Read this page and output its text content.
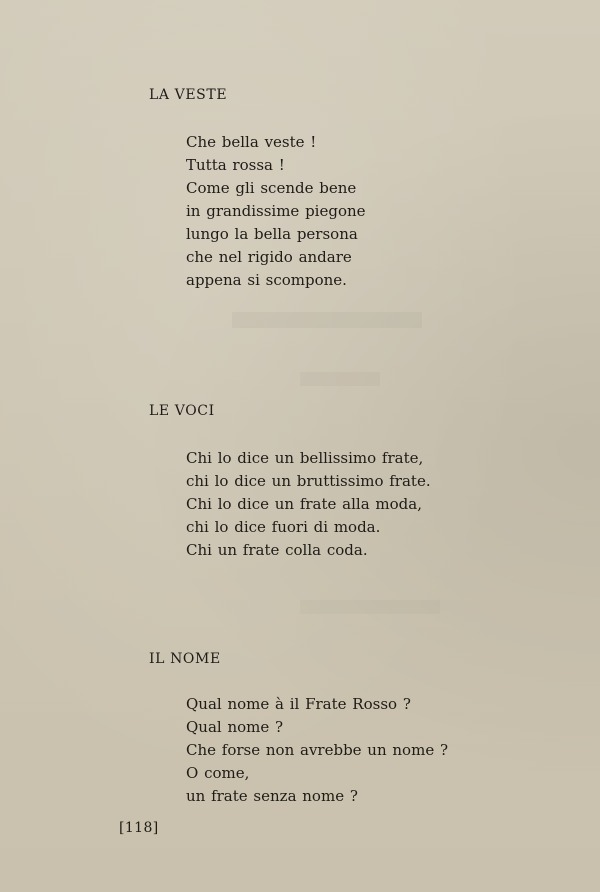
LA VESTE
Che bella veste !
Tutta rossa !
Come gli scende bene
in grandissime piegone
lungo la bella persona
che nel rigido andare
appena si scompone.
LE VOCI
Chi lo dice un bellissimo frate,
chi lo dice un bruttissimo frate.
Chi lo dice un frate alla moda,
chi lo dice fuori di moda.
Chi un frate colla coda.
IL NOME
Qual nome à il Frate Rosso ?
Qual nome ?
Che forse non avrebbe un nome ?
O come,
un frate senza nome ?
[118]
